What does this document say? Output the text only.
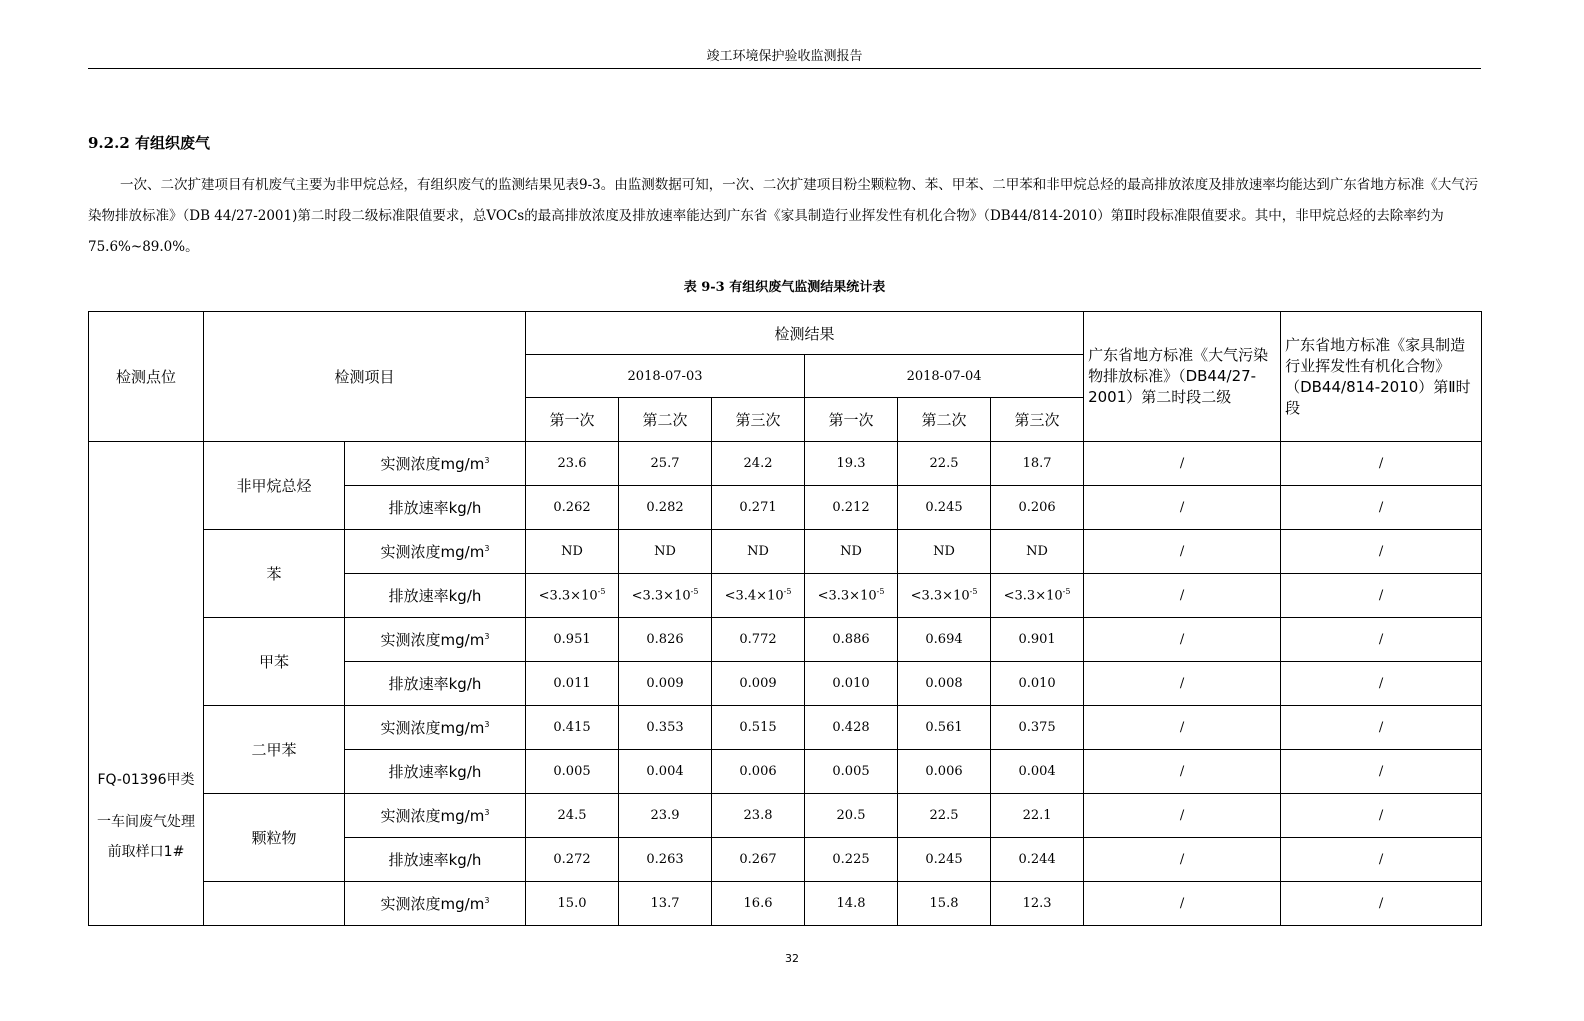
竣工环境保护验收监测报告
9.2.2 有组织废气
一次、二次扩建项目有机废气主要为非甲烷总烃，有组织废气的监测结果见表9-3。由监测数据可知，一次、二次扩建项目粉尘颗粒物、苯、甲苯、二甲苯和非甲烷总烃的最高排放浓度及排放速率均能达到广东省地方标准《大气污染物排放标准》（DB 44/27-2001)第二时段二级标准限值要求，总VOCs的最高排放浓度及排放速率能达到广东省《家具制造行业挥发性有机化合物》（DB44/814-2010）第Ⅱ时段标准限值要求。其中，非甲烷总烃的去除率约为75.6%~89.0%。
表 9-3 有组织废气监测结果统计表
检测点位	检测项目		检测结果						广东省地方标准《大气污染物排放标准》（DB44/27-2001）第二时段二级	广东省地方标准《家具制造行业挥发性有机化合物》（DB44/814-2010）第Ⅱ时段
			2018-07-03			2018-07-04				
			第一次	第二次	第三次	第一次	第二次	第三次		

FQ-01396甲类
一车间废气处理前取样口1#	非甲烷总烃	实测浓度$mg/m^3$	23.6	25.7	24.2	19.3	22.5	18.7	/	/
		排放速率kg/h	0.262	0.282	0.271	0.212	0.245	0.206	/	/
	苯	实测浓度$mg/m^3$	ND	ND	ND	ND	ND	ND	/	/
		排放速率kg/h	$<3.3\times 10^{-5}$	$<3.3\times 10^{-5}$	$<3.4\times 10^{-5}$	$<3.3\times 10^{-5}$	$<3.3\times 10^{-5}$	$<3.3\times 10^{-5}$	/	/
	甲苯	实测浓度$mg/m^3$	0.951	0.826	0.772	0.886	0.694	0.901	/	/
		排放速率kg/h	0.011	0.009	0.009	0.010	0.008	0.010	/	/
	二甲苯	实测浓度$mg/m^3$	0.415	0.353	0.515	0.428	0.561	0.375	/	/
		排放速率kg/h	0.005	0.004	0.006	0.005	0.006	0.004	/	/
	颗粒物	实测浓度$mg/m^3$	24.5	23.9	23.8	20.5	22.5	22.1	/	/
		排放速率kg/h	0.272	0.263	0.267	0.225	0.245	0.244	/	/
		实测浓度$mg/m^3$	15.0	13.7	16.6	14.8	15.8	12.3	/	/
32
